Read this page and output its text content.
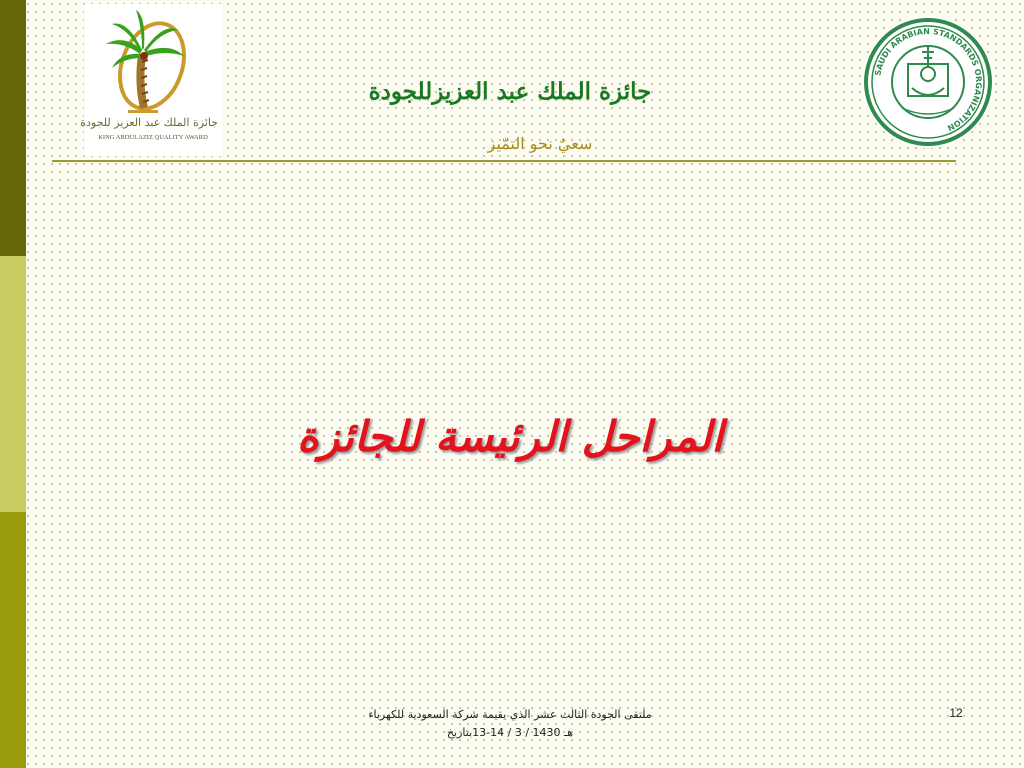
جائزة الملك عبد العزيز للجودة
KING ABDULAZIZ QUALITY AWARD
SAUDI ARABIAN STANDARDS ORGANIZATION
جائزة الملك عبد العزيزللجودة
سعيٌ نحو التمّيز
المراحل الرئيسة للجائزة
ملتقى الجودة الثالث عشر الذي يقيمة شركة السعودية للكهرباء
هـ 1430 / 3 / 14-13بتاريخ
12
